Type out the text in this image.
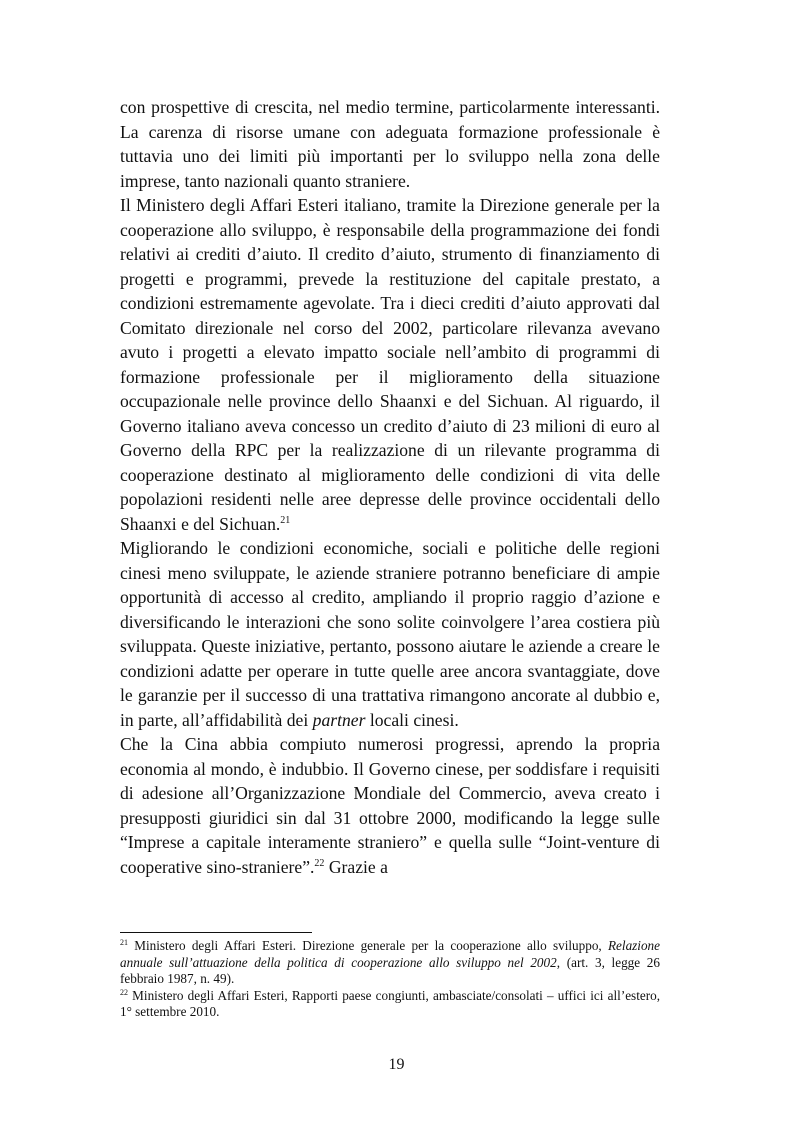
con prospettive di crescita, nel medio termine, particolarmente interessanti. La carenza di risorse umane con adeguata formazione professionale è tuttavia uno dei limiti più importanti per lo sviluppo nella zona delle imprese, tanto nazionali quanto straniere.

Il Ministero degli Affari Esteri italiano, tramite la Direzione generale per la cooperazione allo sviluppo, è responsabile della programmazione dei fondi relativi ai crediti d’aiuto. Il credito d’aiuto, strumento di finanziamento di progetti e programmi, prevede la restituzione del capitale prestato, a condizioni estremamente agevolate. Tra i dieci crediti d’aiuto approvati dal Comitato direzionale nel corso del 2002, particolare rilevanza avevano avuto i progetti a elevato impatto sociale nell’ambito di programmi di formazione professionale per il miglioramento della situazione occupazionale nelle province dello Shaanxi e del Sichuan. Al riguardo, il Governo italiano aveva concesso un credito d’aiuto di 23 milioni di euro al Governo della RPC per la realizzazione di un rilevante programma di cooperazione destinato al miglioramento delle condizioni di vita delle popolazioni residenti nelle aree depresse delle province occidentali dello Shaanxi e del Sichuan.$^{21}$

Migliorando le condizioni economiche, sociali e politiche delle regioni cinesi meno sviluppate, le aziende straniere potranno beneficiare di ampie opportunità di accesso al credito, ampliando il proprio raggio d’azione e diversificando le interazioni che sono solite coinvolgere l’area costiera più sviluppata. Queste iniziative, pertanto, possono aiutare le aziende a creare le condizioni adatte per operare in tutte quelle aree ancora svantaggiate, dove le garanzie per il successo di una trattativa rimangono ancorate al dubbio e, in parte, all’affidabilità dei partner locali cinesi.

Che la Cina abbia compiuto numerosi progressi, aprendo la propria economia al mondo, è indubbio. Il Governo cinese, per soddisfare i requisiti di adesione all’Organizzazione Mondiale del Commercio, aveva creato i presupposti giuridici sin dal 31 ottobre 2000, modificando la legge sulle “Imprese a capitale interamente straniero” e quella sulle “Joint-venture di cooperative sino-straniere”.$^{22}$ Grazie a

$^{21}$ Ministero degli Affari Esteri. Direzione generale per la cooperazione allo sviluppo, Relazione annuale sull’attuazione della politica di cooperazione allo sviluppo nel 2002, (art. 3, legge 26 febbraio 1987, n. 49).

$^{22}$ Ministero degli Affari Esteri, Rapporti paese congiunti, ambasciate/consolati – uffici ici all’estero, 1° settembre 2010.

19
